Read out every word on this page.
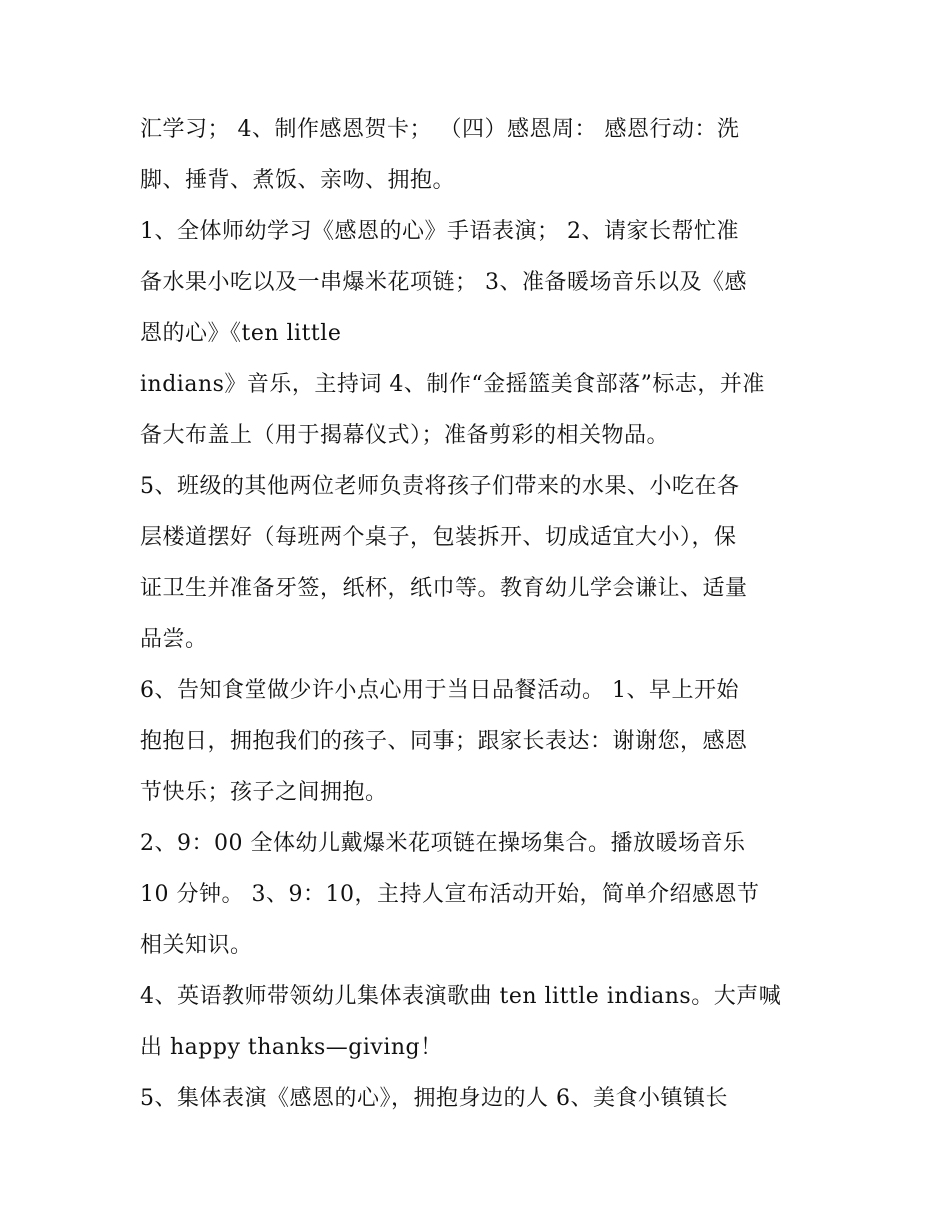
汇学习； 4、制作感恩贺卡； （四）感恩周： 感恩行动：洗
脚、捶背、煮饭、亲吻、拥抱。
1、全体师幼学习《感恩的心》手语表演； 2、请家长帮忙准
备水果小吃以及一串爆米花项链； 3、准备暖场音乐以及《感
恩的心》《ten little
indians》音乐，主持词 4、制作“金摇篮美食部落”标志，并准
备大布盖上（用于揭幕仪式）；准备剪彩的相关物品。
5、班级的其他两位老师负责将孩子们带来的水果、小吃在各
层楼道摆好（每班两个桌子，包装拆开、切成适宜大小），保
证卫生并准备牙签，纸杯，纸巾等。教育幼儿学会谦让、适量
品尝。
6、告知食堂做少许小点心用于当日品餐活动。 1、早上开始
抱抱日，拥抱我们的孩子、同事；跟家长表达：谢谢您，感恩
节快乐；孩子之间拥抱。
2、9：00 全体幼儿戴爆米花项链在操场集合。播放暖场音乐
10 分钟。 3、9：10，主持人宣布活动开始，简单介绍感恩节
相关知识。
4、英语教师带领幼儿集体表演歌曲 ten little indians。大声喊
出 happy thanks—giving！
5、集体表演《感恩的心》，拥抱身边的人 6、美食小镇镇长
